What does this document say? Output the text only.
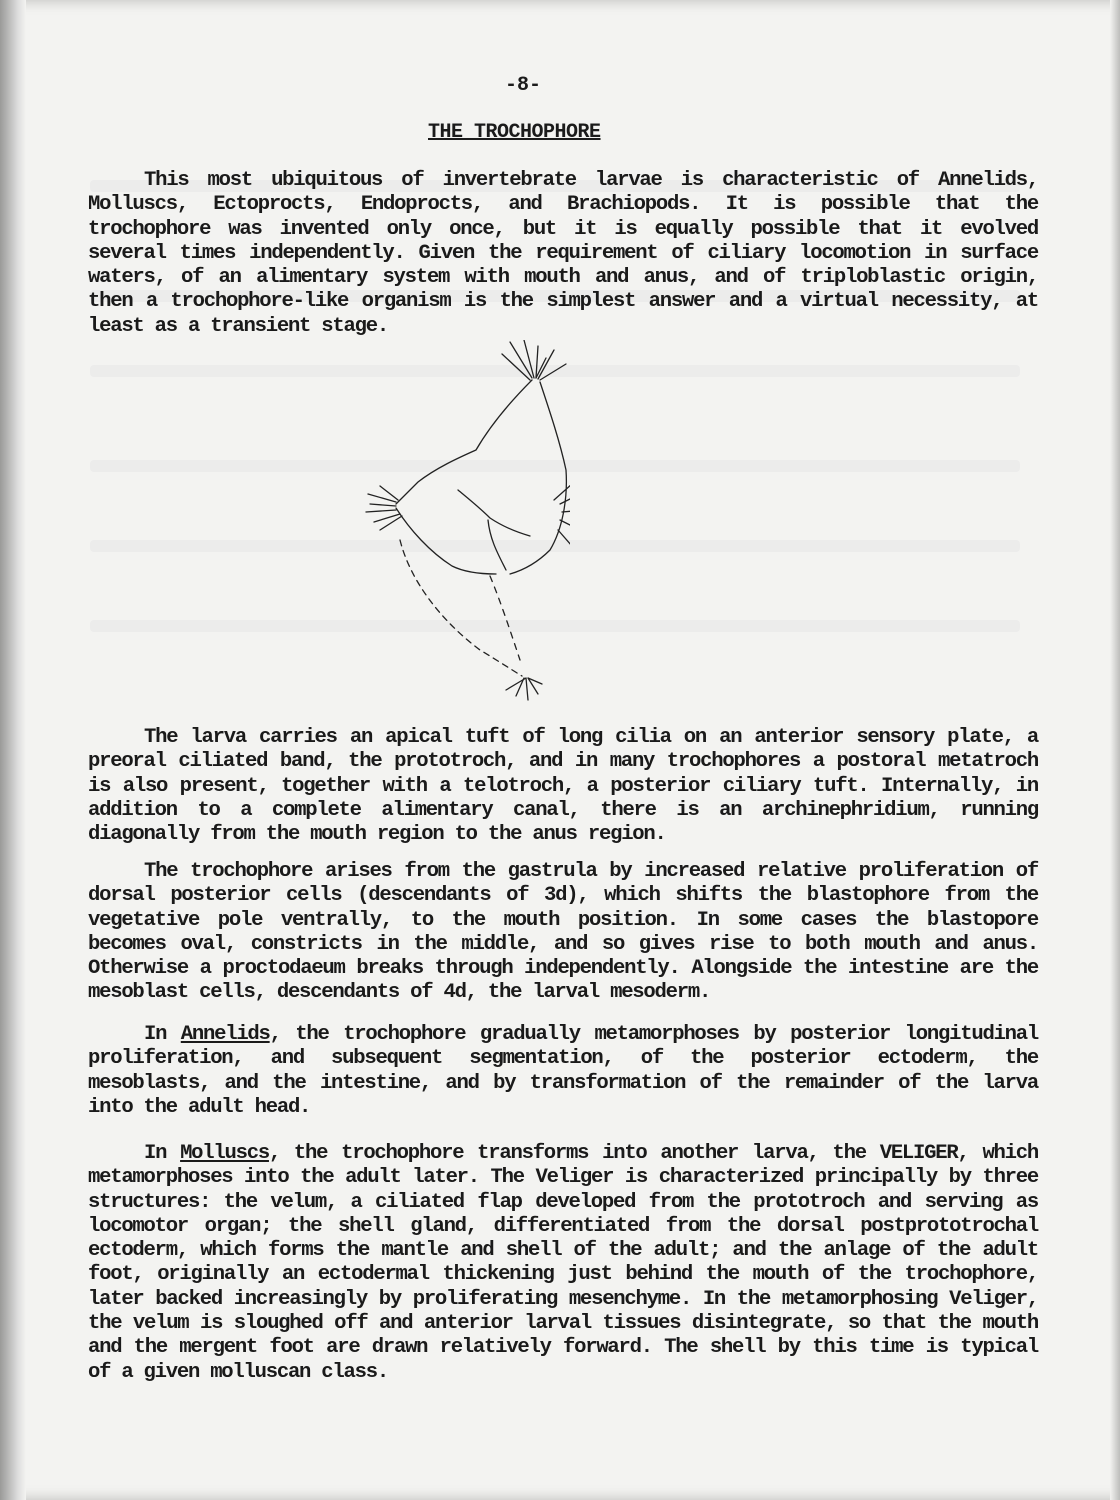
-8-
THE TROCHOPHORE

This most ubiquitous of invertebrate larvae is characteristic of Annelids, Molluscs, Ectoprocts, Endoprocts, and Brachiopods. It is possible that the trochophore was invented only once, but it is equally possible that it evolved several times independently. Given the requirement of ciliary locomotion in surface waters, of an alimentary system with mouth and anus, and of triploblastic origin, then a trochophore-like organism is the simplest answer and a virtual necessity, at least as a transient stage.

The larva carries an apical tuft of long cilia on an anterior sensory plate, a preoral ciliated band, the prototroch, and in many trochophores a postoral metatroch is also present, together with a telotroch, a posterior ciliary tuft. Internally, in addition to a complete alimentary canal, there is an archinephridium, running diagonally from the mouth region to the anus region.

The trochophore arises from the gastrula by increased relative proliferation of dorsal posterior cells (descendants of 3d), which shifts the blastophore from the vegetative pole ventrally, to the mouth position. In some cases the blastopore becomes oval, constricts in the middle, and so gives rise to both mouth and anus. Otherwise a proctodaeum breaks through independently. Alongside the intestine are the mesoblast cells, descendants of 4d, the larval mesoderm.

In Annelids, the trochophore gradually metamorphoses by posterior longitudinal proliferation, and subsequent segmentation, of the posterior ectoderm, the mesoblasts, and the intestine, and by transformation of the remainder of the larva into the adult head.

In Molluscs, the trochophore transforms into another larva, the VELIGER, which metamorphoses into the adult later. The Veliger is characterized principally by three structures: the velum, a ciliated flap developed from the prototroch and serving as locomotor organ; the shell gland, differentiated from the dorsal postprototrochal ectoderm, which forms the mantle and shell of the adult; and the anlage of the adult foot, originally an ectodermal thickening just behind the mouth of the trochophore, later backed increasingly by proliferating mesenchyme. In the metamorphosing Veliger, the velum is sloughed off and anterior larval tissues disintegrate, so that the mouth and the mergent foot are drawn relatively forward. The shell by this time is typical of a given molluscan class.
